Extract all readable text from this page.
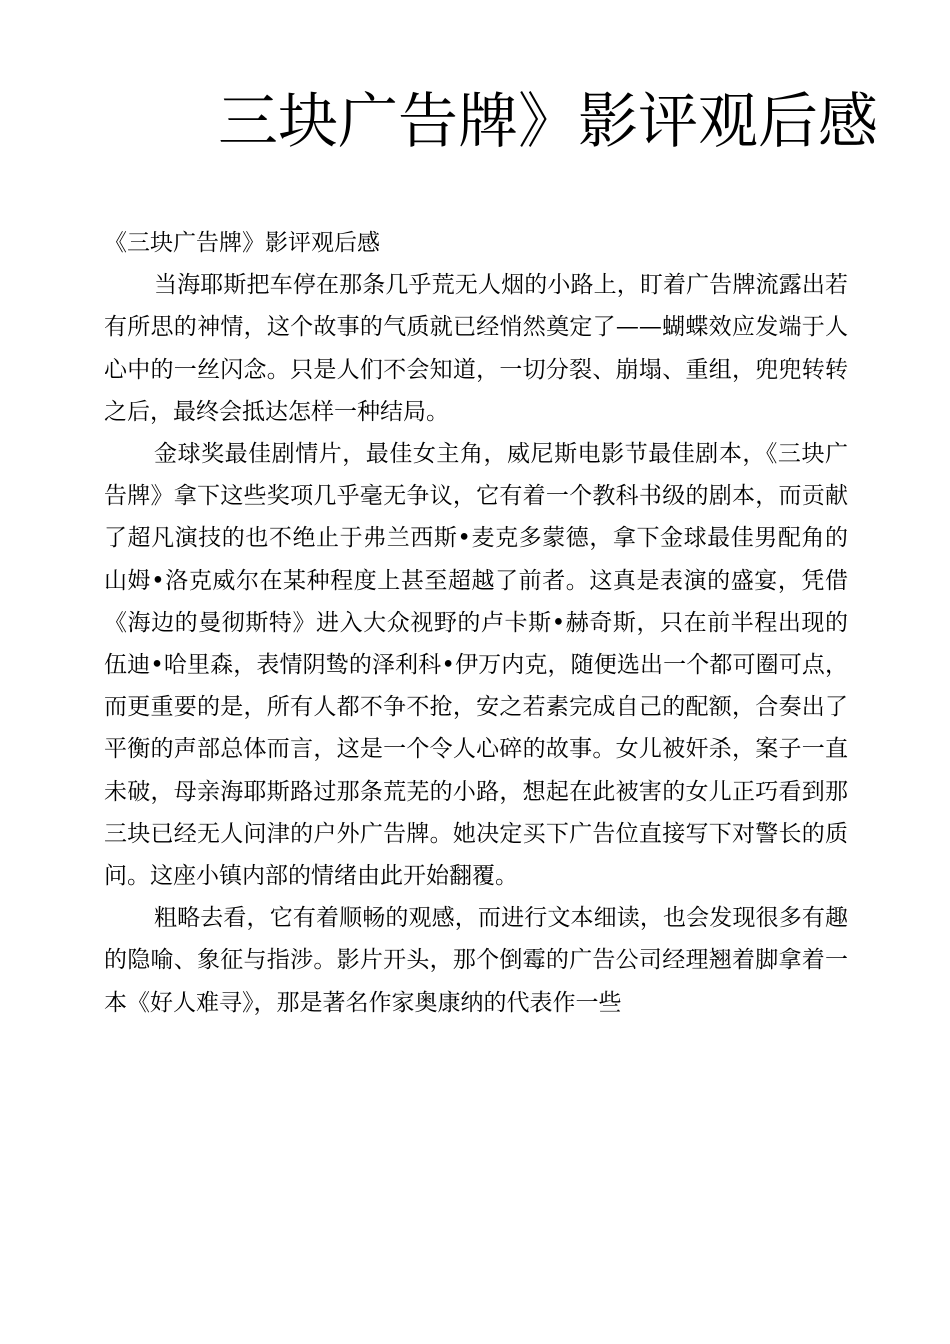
三块广告牌》影评观后感

《三块广告牌》影评观后感

当海耶斯把车停在那条几乎荒无人烟的小路上，盯着广告牌流露出若有所思的神情，这个故事的气质就已经悄然奠定了——蝴蝶效应发端于人心中的一丝闪念。只是人们不会知道，一切分裂、崩塌、重组，兜兜转转之后，最终会抵达怎样一种结局。

金球奖最佳剧情片，最佳女主角，威尼斯电影节最佳剧本，《三块广告牌》拿下这些奖项几乎毫无争议，它有着一个教科书级的剧本，而贡献了超凡演技的也不绝止于弗兰西斯•麦克多蒙德，拿下金球最佳男配角的山姆•洛克威尔在某种程度上甚至超越了前者。这真是表演的盛宴，凭借《海边的曼彻斯特》进入大众视野的卢卡斯•赫奇斯，只在前半程出现的伍迪•哈里森，表情阴鸷的泽利科•伊万内克，随便选出一个都可圈可点，而更重要的是，所有人都不争不抢，安之若素完成自己的配额，合奏出了平衡的声部总体而言，这是一个令人心碎的故事。女儿被奸杀，案子一直未破，母亲海耶斯路过那条荒芜的小路，想起在此被害的女儿正巧看到那三块已经无人问津的户外广告牌。她决定买下广告位直接写下对警长的质问。这座小镇内部的情绪由此开始翻覆。

粗略去看，它有着顺畅的观感，而进行文本细读，也会发现很多有趣的隐喻、象征与指涉。影片开头，那个倒霉的广告公司经理翘着脚拿着一本《好人难寻》，那是著名作家奥康纳的代表作一些
